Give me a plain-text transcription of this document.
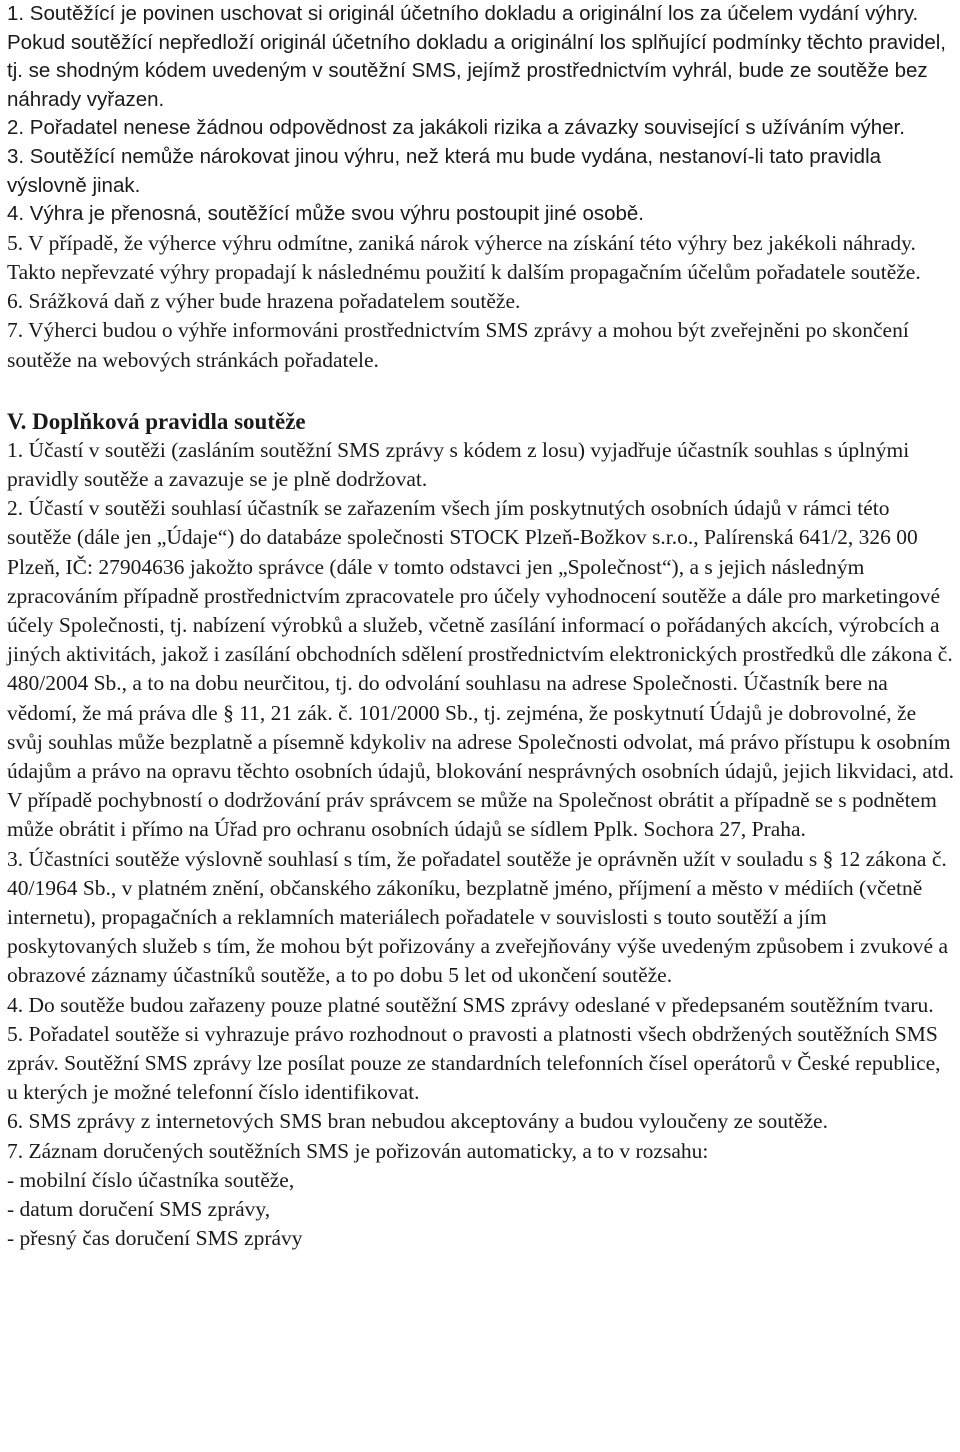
1. Soutěžící je povinen uschovat si originál účetního dokladu a originální los za účelem vydání výhry. Pokud soutěžící nepředloží originál účetního dokladu a originální los splňující podmínky těchto pravidel, tj. se shodným kódem uvedeným v soutěžní SMS, jejímž prostřednictvím vyhrál, bude ze soutěže bez náhrady vyřazen.

2. Pořadatel nenese žádnou odpovědnost za jakákoli rizika a závazky související s užíváním výher.

3. Soutěžící nemůže nárokovat jinou výhru, než která mu bude vydána, nestanoví-li tato pravidla výslovně jinak.

4. Výhra je přenosná, soutěžící může svou výhru postoupit jiné osobě.

5. V případě, že výherce výhru odmítne, zaniká nárok výherce na získání této výhry bez jakékoli náhrady. Takto nepřevzaté výhry propadají k následnému použití k dalším propagačním účelům pořadatele soutěže.

6. Srážková daň z výher bude hrazena pořadatelem soutěže.

7. Výherci budou o výhře informováni prostřednictvím SMS zprávy a mohou být zveřejněni po skončení soutěže na webových stránkách pořadatele.

V. Doplňková pravidla soutěže

1. Účastí v soutěži (zasláním soutěžní SMS zprávy s kódem z losu) vyjadřuje účastník souhlas s úplnými pravidly soutěže a zavazuje se je plně dodržovat.

2. Účastí v soutěži souhlasí účastník se zařazením všech jím poskytnutých osobních údajů v rámci této soutěže (dále jen „Údaje“) do databáze společnosti STOCK Plzeň-Božkov s.r.o., Palírenská 641/2, 326 00 Plzeň, IČ: 27904636 jakožto správce (dále v tomto odstavci jen „Společnost“), a s jejich následným zpracováním případně prostřednictvím zpracovatele pro účely vyhodnocení soutěže a dále pro marketingové účely Společnosti, tj. nabízení výrobků a služeb, včetně zasílání informací o pořádaných akcích, výrobcích a jiných aktivitách, jakož i zasílání obchodních sdělení prostřednictvím elektronických prostředků dle zákona č. 480/2004 Sb., a to na dobu neurčitou, tj. do odvolání souhlasu na adrese Společnosti. Účastník bere na vědomí, že má práva dle § 11, 21 zák. č. 101/2000 Sb., tj. zejména, že poskytnutí Údajů je dobrovolné, že svůj souhlas může bezplatně a písemně kdykoliv na adrese Společnosti odvolat, má právo přístupu k osobním údajům a právo na opravu těchto osobních údajů, blokování nesprávných osobních údajů, jejich likvidaci, atd. V případě pochybností o dodržování práv správcem se může na Společnost obrátit a případně se s podnětem může obrátit i přímo na Úřad pro ochranu osobních údajů se sídlem Pplk. Sochora 27, Praha.

3. Účastníci soutěže výslovně souhlasí s tím, že pořadatel soutěže je oprávněn užít v souladu s § 12 zákona č. 40/1964 Sb., v platném znění, občanského zákoníku, bezplatně jméno, příjmení a město v médiích (včetně internetu), propagačních a reklamních materiálech pořadatele v souvislosti s touto soutěží a jím poskytovaných služeb s tím, že mohou být pořizovány a zveřejňovány výše uvedeným způsobem i zvukové a obrazové záznamy účastníků soutěže, a to po dobu 5 let od ukončení soutěže.

4. Do soutěže budou zařazeny pouze platné soutěžní SMS zprávy odeslané v předepsaném soutěžním tvaru.

5. Pořadatel soutěže si vyhrazuje právo rozhodnout o pravosti a platnosti všech obdržených soutěžních SMS zpráv. Soutěžní SMS zprávy lze posílat pouze ze standardních telefonních čísel operátorů v České republice, u kterých je možné telefonní číslo identifikovat.

6. SMS zprávy z internetových SMS bran nebudou akceptovány a budou vyloučeny ze soutěže.

7. Záznam doručených soutěžních SMS je pořizován automaticky, a to v rozsahu:

- mobilní číslo účastníka soutěže,

- datum doručení SMS zprávy,

- přesný čas doručení SMS zprávy
